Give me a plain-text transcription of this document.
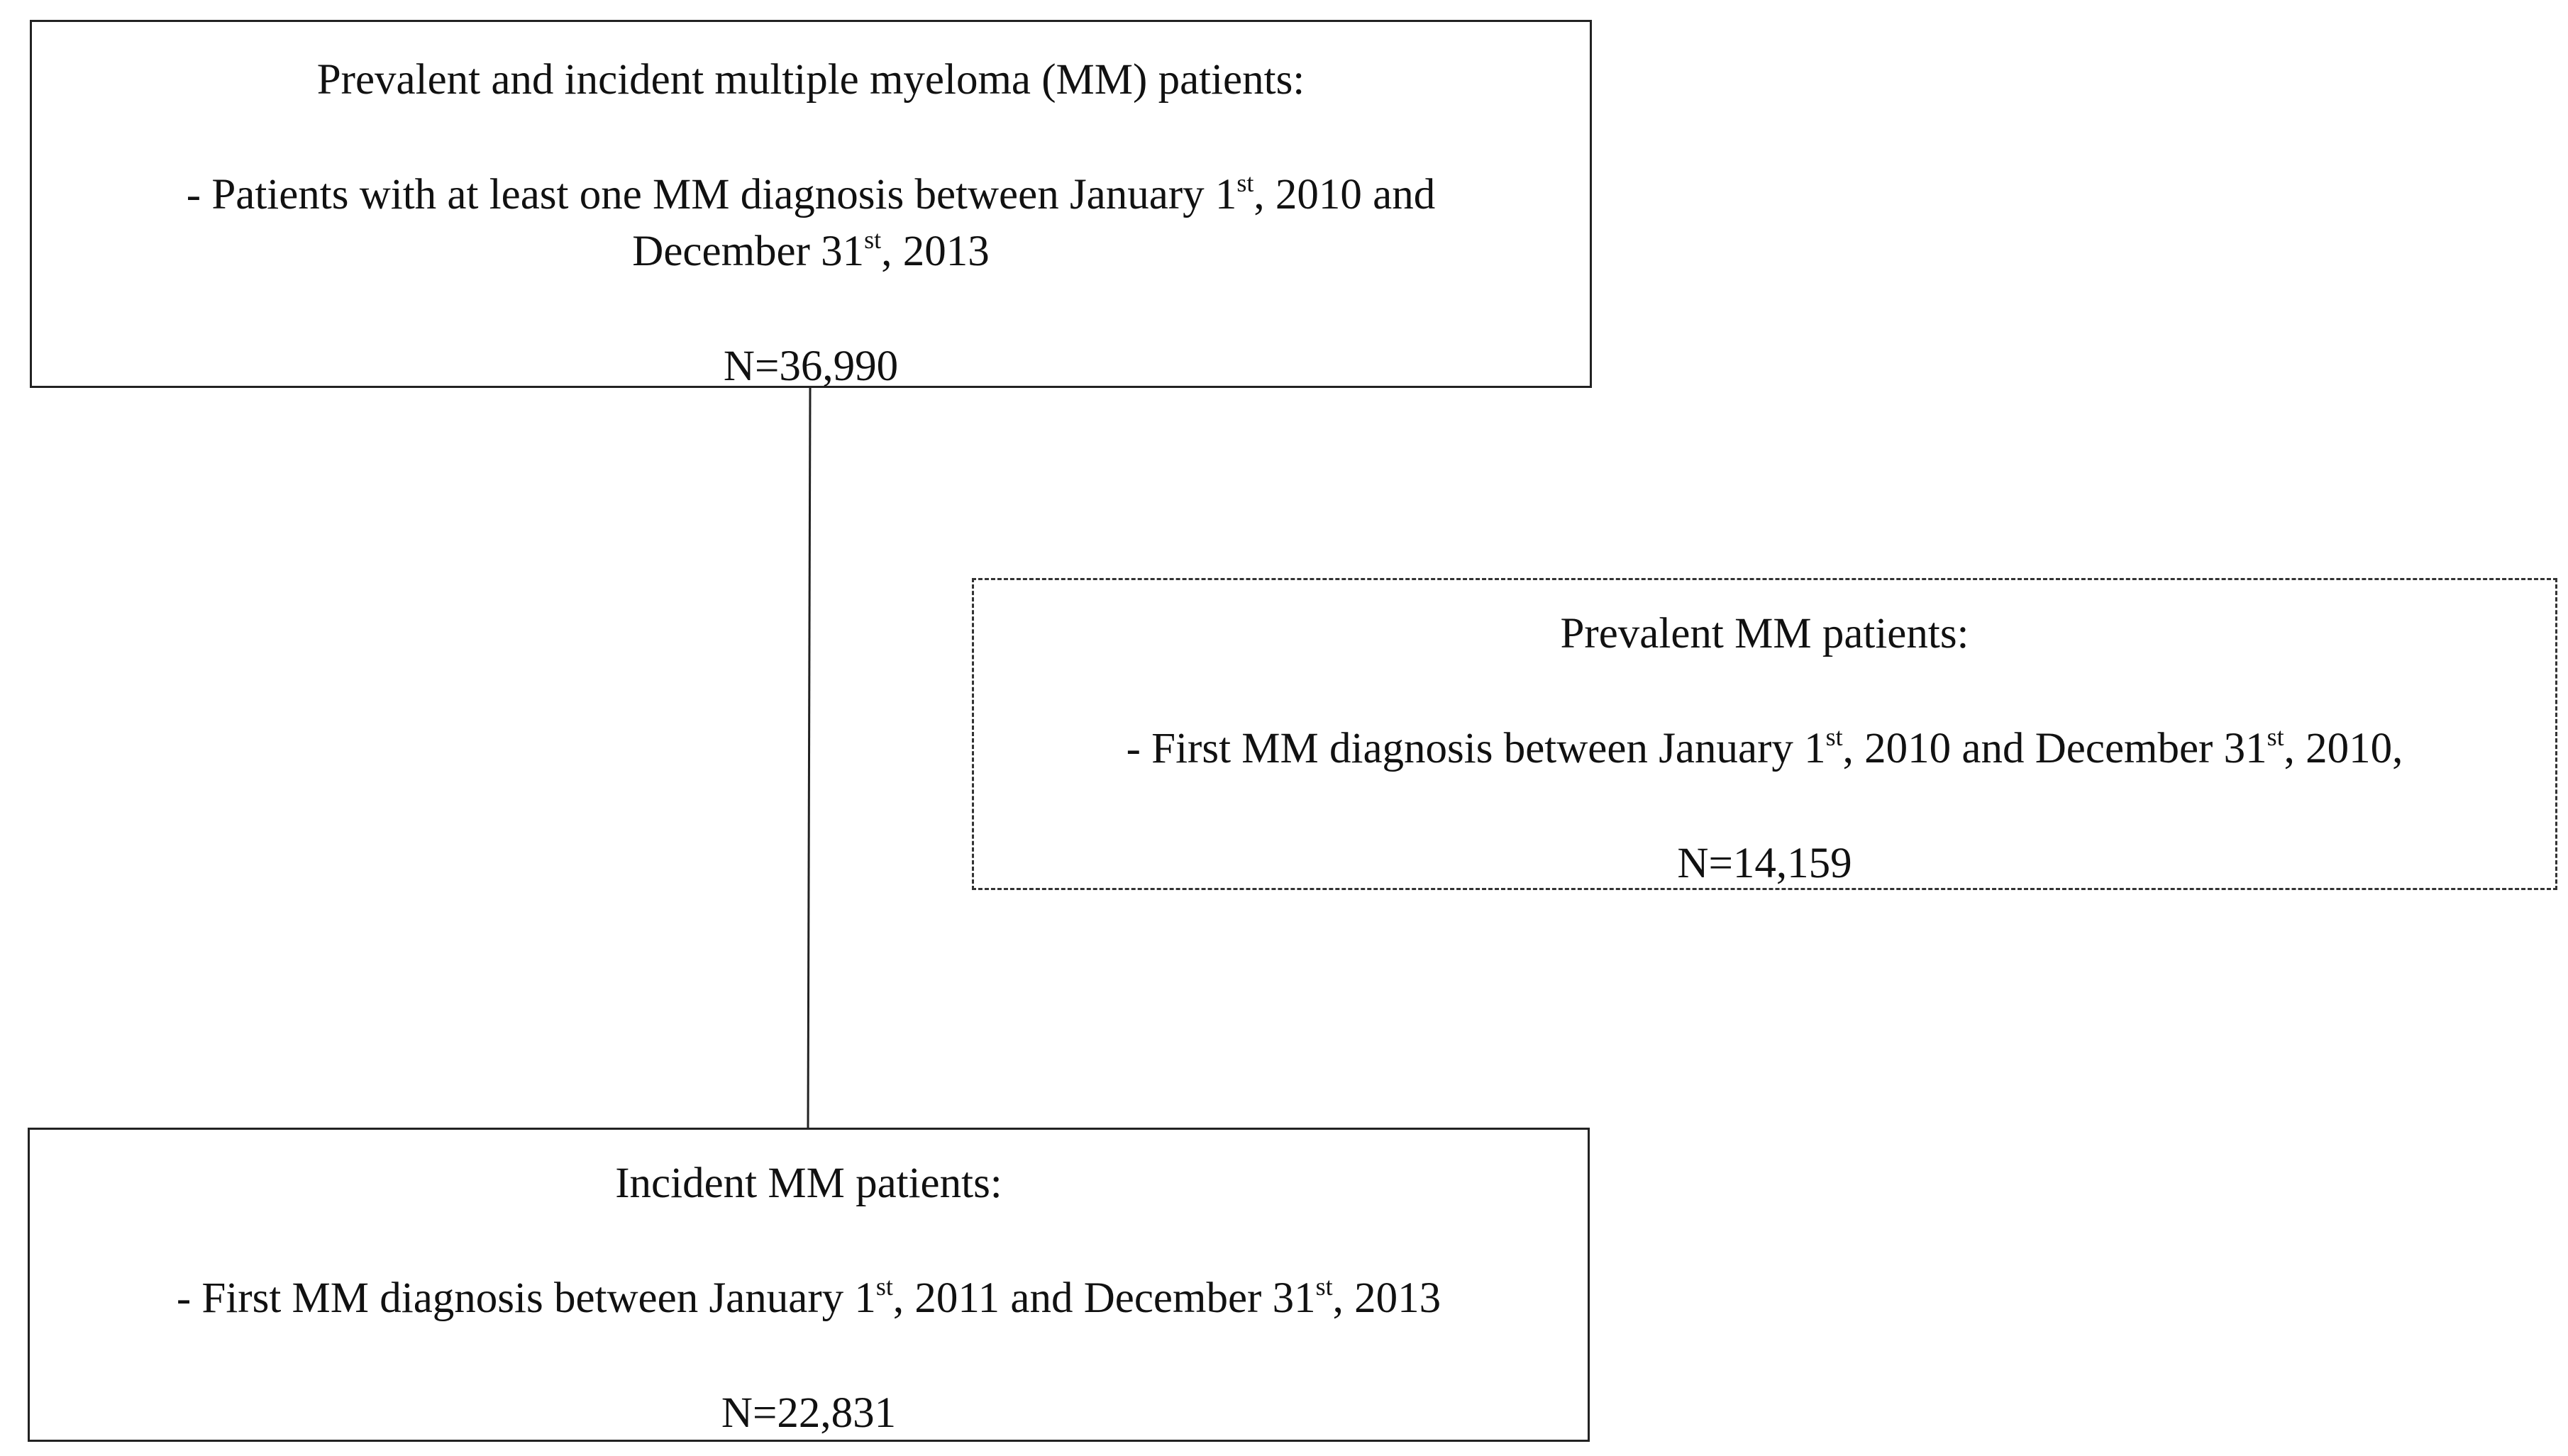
Prevalent and incident multiple myeloma (MM) patients:

- Patients with at least one MM diagnosis between January 1st, 2010 and

December 31st, 2013

N=36,990

Prevalent MM patients:

- First MM diagnosis between January 1st, 2010 and December 31st, 2010,

N=14,159

Incident MM patients:

- First MM diagnosis between January 1st, 2011 and December 31st, 2013

N=22,831
